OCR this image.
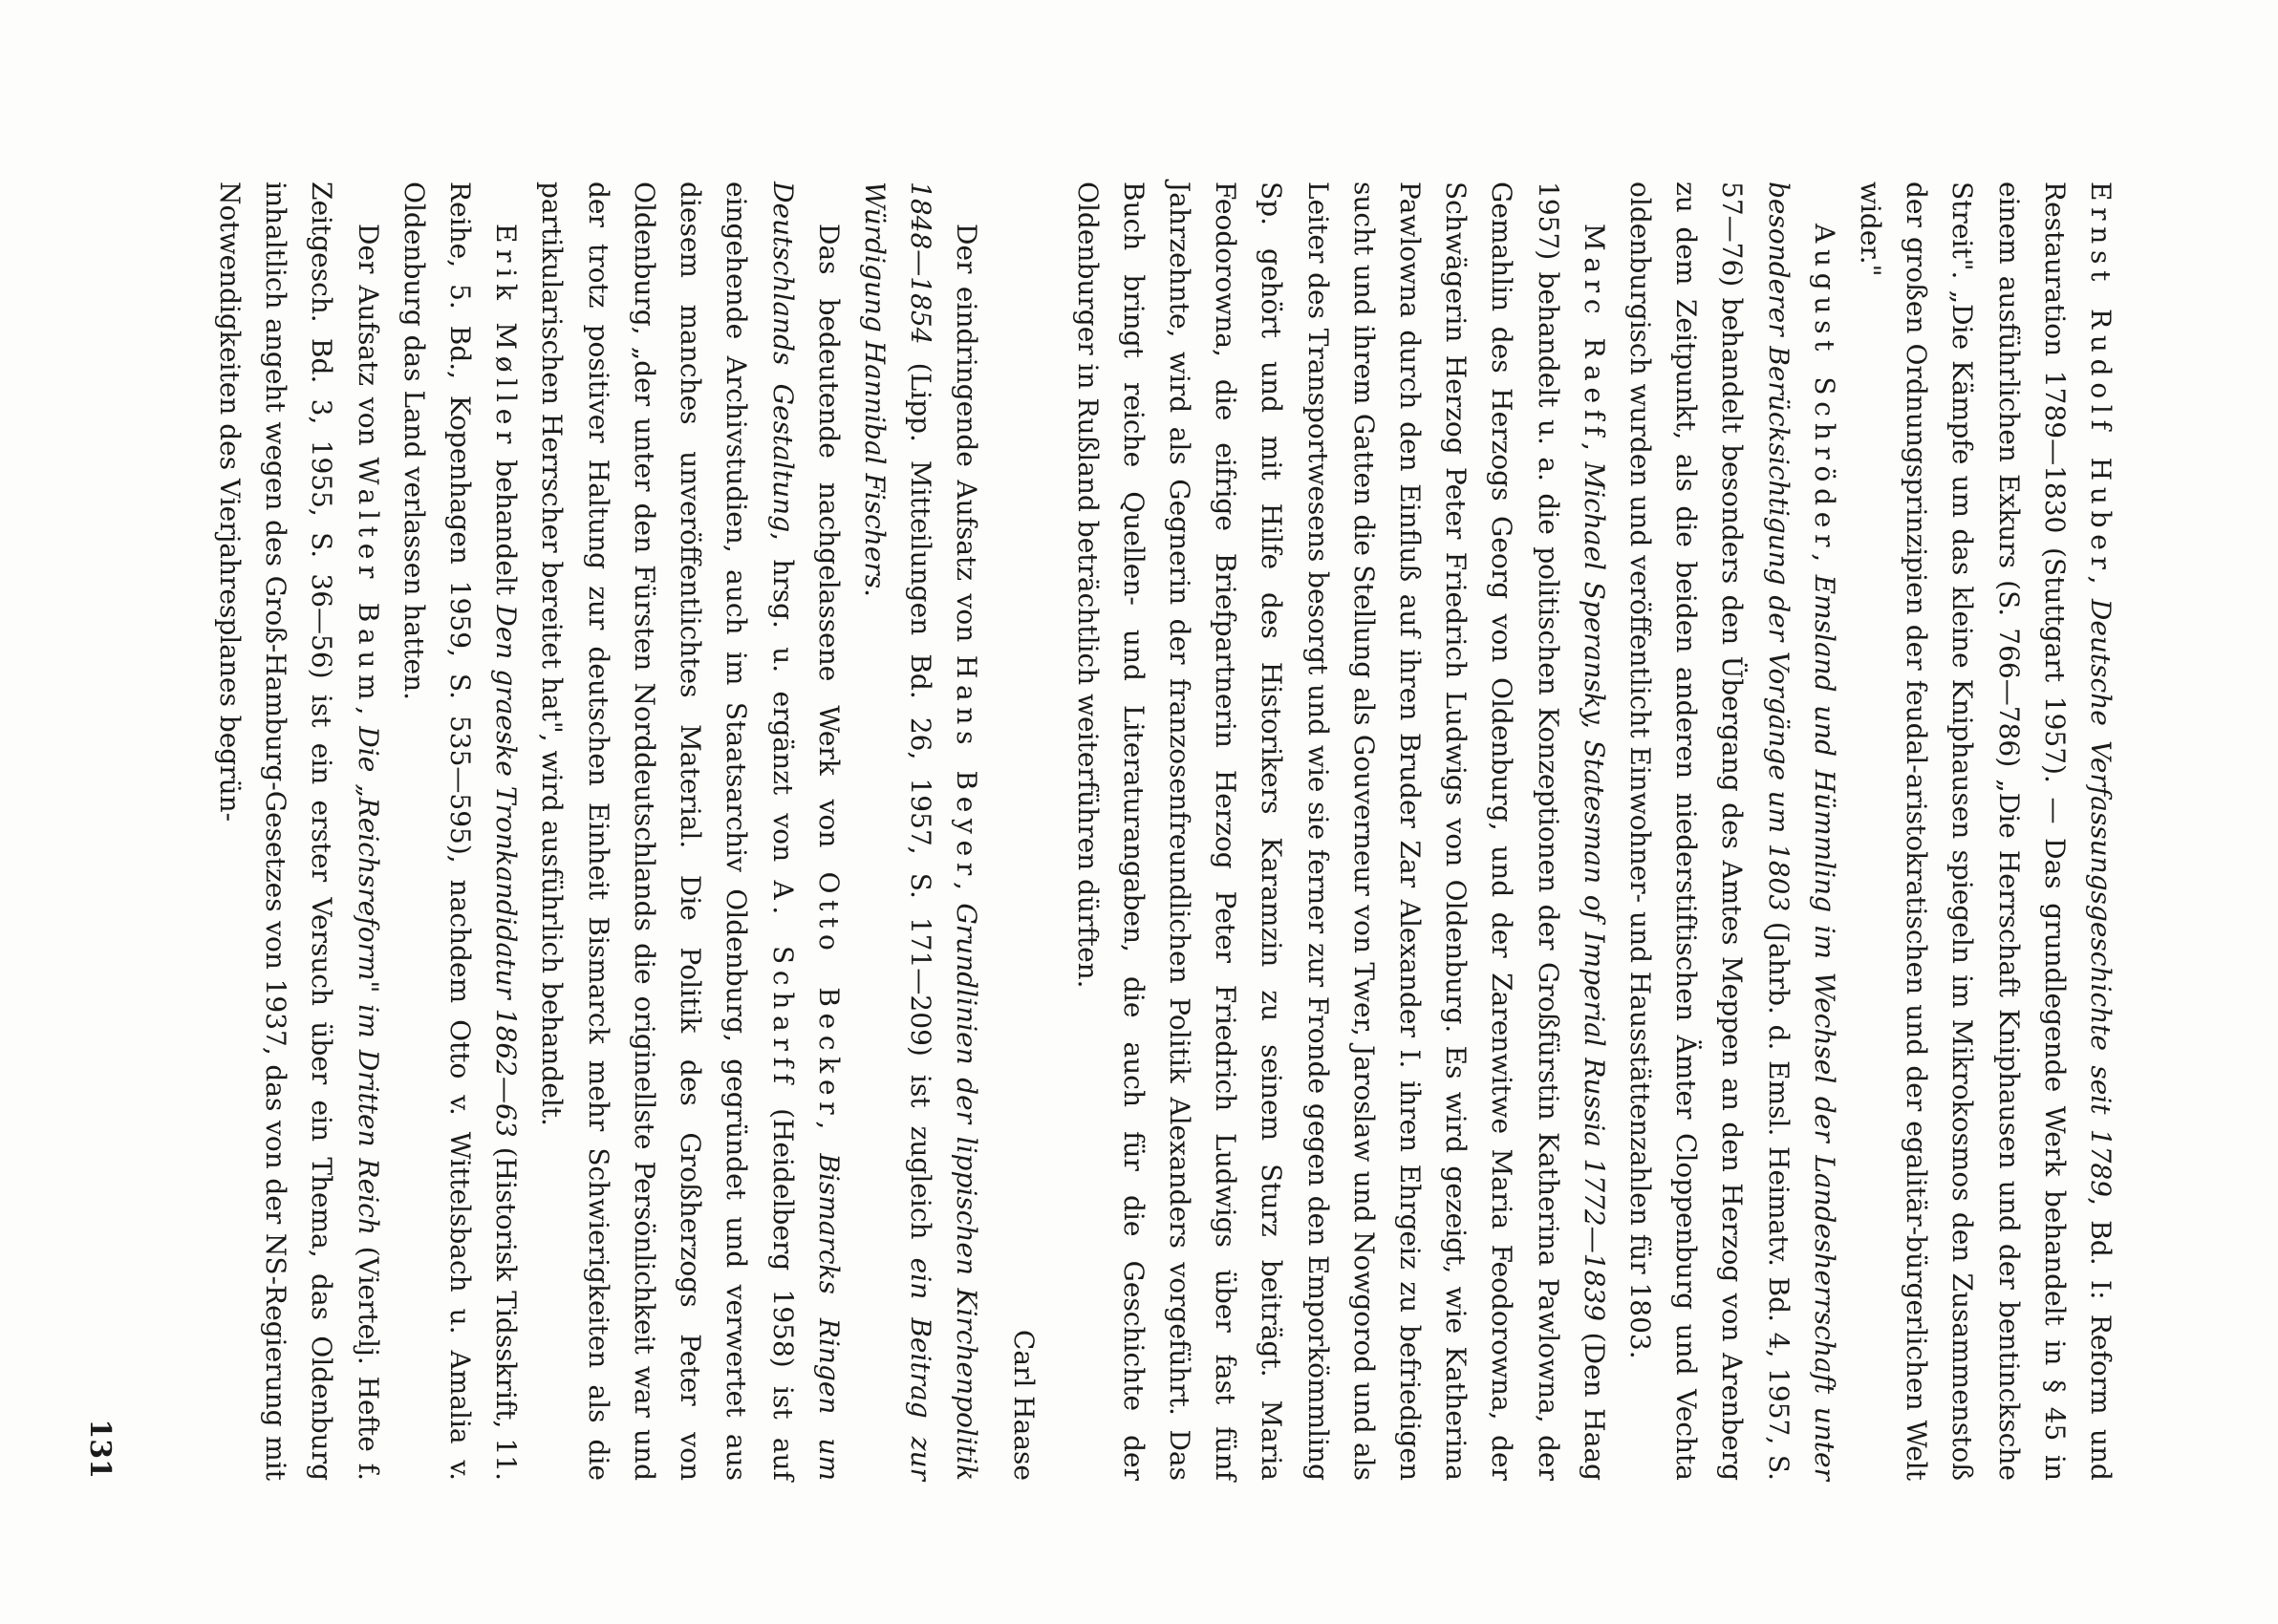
Ernst Rudolf Huber, Deutsche Verfassungsgeschichte seit 1789, Bd. I: Reform und Restauration 1789—1830 (Stuttgart 1957). — Das grundlegende Werk behandelt in § 45 in einem ausführlichen Exkurs (S. 766—786) „Die Herrschaft Kniphausen und der bentincksche Streit". „Die Kämpfe um das kleine Kniphausen spiegeln im Mikrokosmos den Zusammenstoß der großen Ordnungsprinzipien der feudal-aristokratischen und der egalitär-bürgerlichen Welt wider."

August Schröder, Emsland und Hümmling im Wechsel der Landesherrschaft unter besonderer Berücksichtigung der Vorgänge um 1803 (Jahrb. d. Emsl. Heimatv. Bd. 4, 1957, S. 57—76) behandelt besonders den Übergang des Amtes Meppen an den Herzog von Arenberg zu dem Zeitpunkt, als die beiden anderen niederstiftischen Ämter Cloppenburg und Vechta oldenburgisch wurden und veröffentlicht Einwohner- und Hausstättenzahlen für 1803.

Marc Raeff, Michael Speransky, Statesman of Imperial Russia 1772—1839 (Den Haag 1957) behandelt u. a. die politischen Konzeptionen der Großfürstin Katherina Pawlowna, der Gemahlin des Herzogs Georg von Oldenburg, und der Zarenwitwe Maria Feodorowna, der Schwägerin Herzog Peter Friedrich Ludwigs von Oldenburg. Es wird gezeigt, wie Katherina Pawlowna durch den Einfluß auf ihren Bruder Zar Alexander I. ihren Ehrgeiz zu befriedigen sucht und ihrem Gatten die Stellung als Gouverneur von Twer, Jaroslaw und Nowgorod und als Leiter des Transportwesens besorgt und wie sie ferner zur Fronde gegen den Emporkömmling Sp. gehört und mit Hilfe des Historikers Karamzin zu seinem Sturz beiträgt. Maria Feodorowna, die eifrige Briefpartnerin Herzog Peter Friedrich Ludwigs über fast fünf Jahrzehnte, wird als Gegnerin der franzosenfreundlichen Politik Alexanders vorgeführt. Das Buch bringt reiche Quellen- und Literaturangaben, die auch für die Geschichte der Oldenburger in Rußland beträchtlich weiterführen dürften.

Carl Haase

Der eindringende Aufsatz von Hans Beyer, Grundlinien der lippischen Kirchenpolitik 1848—1854 (Lipp. Mitteilungen Bd. 26, 1957, S. 171—209) ist zugleich ein Beitrag zur Würdigung Hannibal Fischers.

Das bedeutende nachgelassene Werk von Otto Becker, Bismarcks Ringen um Deutschlands Gestaltung, hrsg. u. ergänzt von A. Scharff (Heidelberg 1958) ist auf eingehende Archivstudien, auch im Staatsarchiv Oldenburg, gegründet und verwertet aus diesem manches unveröffentlichtes Material. Die Politik des Großherzogs Peter von Oldenburg, „der unter den Fürsten Norddeutschlands die originellste Persönlichkeit war und der trotz positiver Haltung zur deutschen Einheit Bismarck mehr Schwierigkeiten als die partikularischen Herrscher bereitet hat", wird ausführlich behandelt.

Erik Møller behandelt Den graeske Tronkandidatur 1862—63 (Historisk Tidsskrift, 11. Reihe, 5. Bd., Kopenhagen 1959, S. 535—595), nachdem Otto v. Wittelsbach u. Amalia v. Oldenburg das Land verlassen hatten.

Der Aufsatz von Walter Baum, Die „Reichsreform" im Dritten Reich (Viertelj. Hefte f. Zeitgesch. Bd. 3, 1955, S. 36—56) ist ein erster Versuch über ein Thema, das Oldenburg inhaltlich angeht wegen des Groß-Hamburg-Gesetzes von 1937, das von der NS-Regierung mit Notwendigkeiten des Vierjahresplanes begrün-

131
